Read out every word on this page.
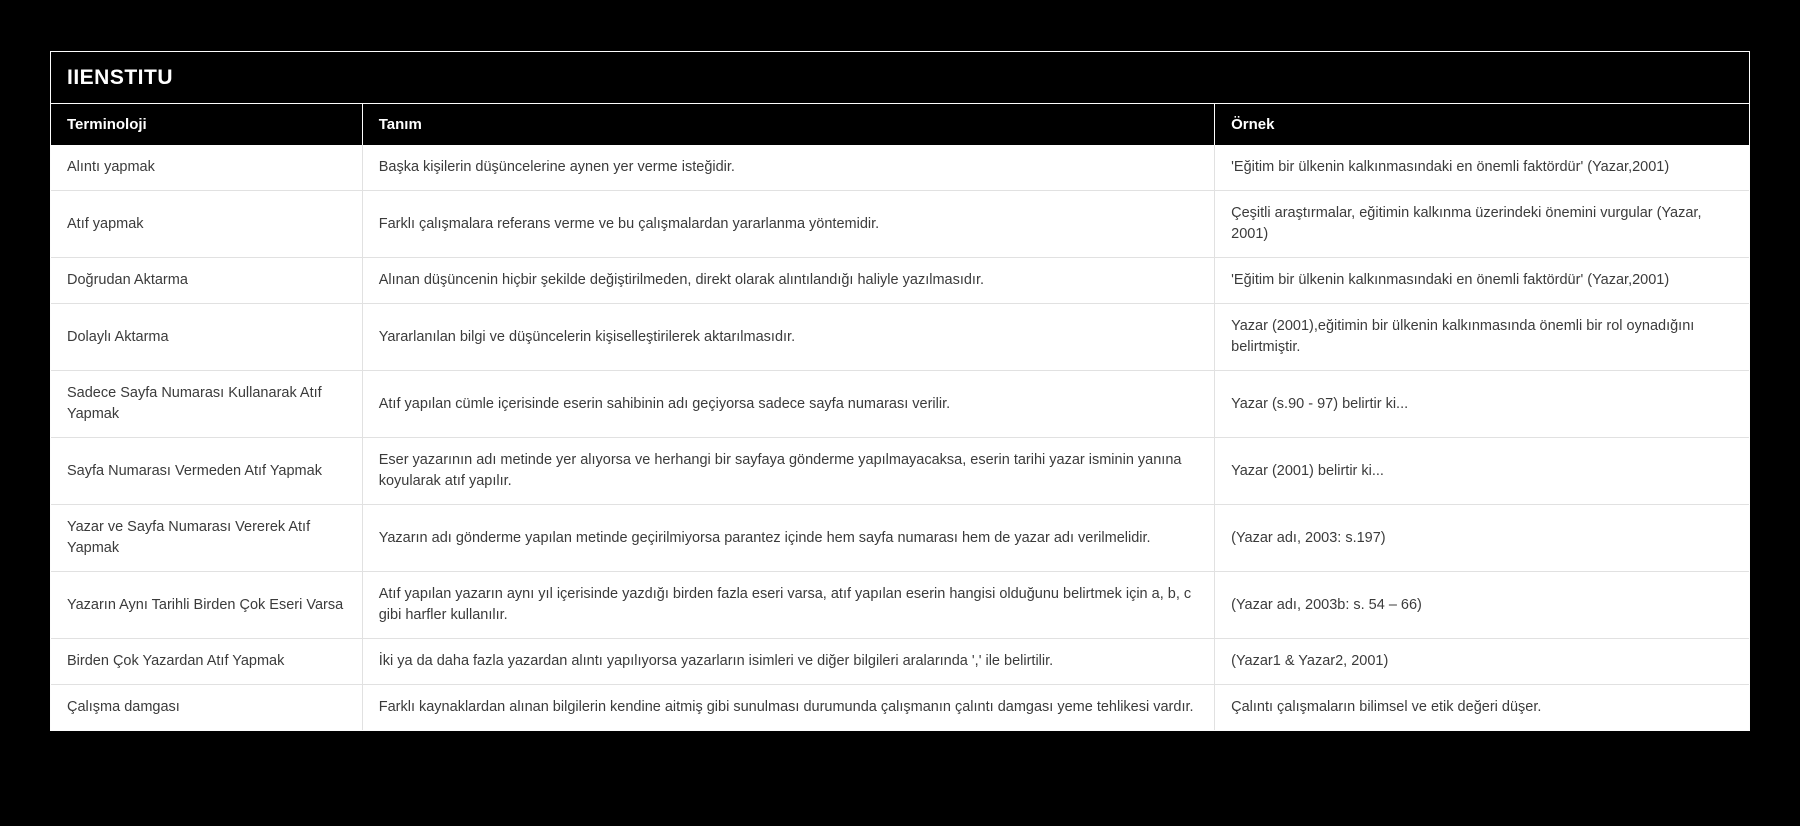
IIENSTITU
Terminoloji	Tanım	Örnek
Alıntı yapmak	Başka kişilerin düşüncelerine aynen yer verme isteğidir.	'Eğitim bir ülkenin kalkınmasındaki en önemli faktördür' (Yazar,2001)
Atıf yapmak	Farklı çalışmalara referans verme ve bu çalışmalardan yararlanma yöntemidir.	Çeşitli araştırmalar, eğitimin kalkınma üzerindeki önemini vurgular (Yazar, 2001)
Doğrudan Aktarma	Alınan düşüncenin hiçbir şekilde değiştirilmeden, direkt olarak alıntılandığı haliyle yazılmasıdır.	'Eğitim bir ülkenin kalkınmasındaki en önemli faktördür' (Yazar,2001)
Dolaylı Aktarma	Yararlanılan bilgi ve düşüncelerin kişiselleştirilerek aktarılmasıdır.	Yazar (2001),eğitimin bir ülkenin kalkınmasında önemli bir rol oynadığını belirtmiştir.
Sadece Sayfa Numarası Kullanarak Atıf Yapmak	Atıf yapılan cümle içerisinde eserin sahibinin adı geçiyorsa sadece sayfa numarası verilir.	Yazar (s.90 - 97) belirtir ki...
Sayfa Numarası Vermeden Atıf Yapmak	Eser yazarının adı metinde yer alıyorsa ve herhangi bir sayfaya gönderme yapılmayacaksa, eserin tarihi yazar isminin yanına koyularak atıf yapılır.	Yazar (2001) belirtir ki...
Yazar ve Sayfa Numarası Vererek Atıf Yapmak	Yazarın adı gönderme yapılan metinde geçirilmiyorsa parantez içinde hem sayfa numarası hem de yazar adı verilmelidir.	(Yazar adı, 2003: s.197)
Yazarın Aynı Tarihli Birden Çok Eseri Varsa	Atıf yapılan yazarın aynı yıl içerisinde yazdığı birden fazla eseri varsa, atıf yapılan eserin hangisi olduğunu belirtmek için a, b, c gibi harfler kullanılır.	(Yazar adı, 2003b: s. 54 – 66)
Birden Çok Yazardan Atıf Yapmak	İki ya da daha fazla yazardan alıntı yapılıyorsa yazarların isimleri ve diğer bilgileri aralarında ',' ile belirtilir.	(Yazar1 & Yazar2, 2001)
Çalışma damgası	Farklı kaynaklardan alınan bilgilerin kendine aitmiş gibi sunulması durumunda çalışmanın çalıntı damgası yeme tehlikesi vardır.	Çalıntı çalışmaların bilimsel ve etik değeri düşer.
